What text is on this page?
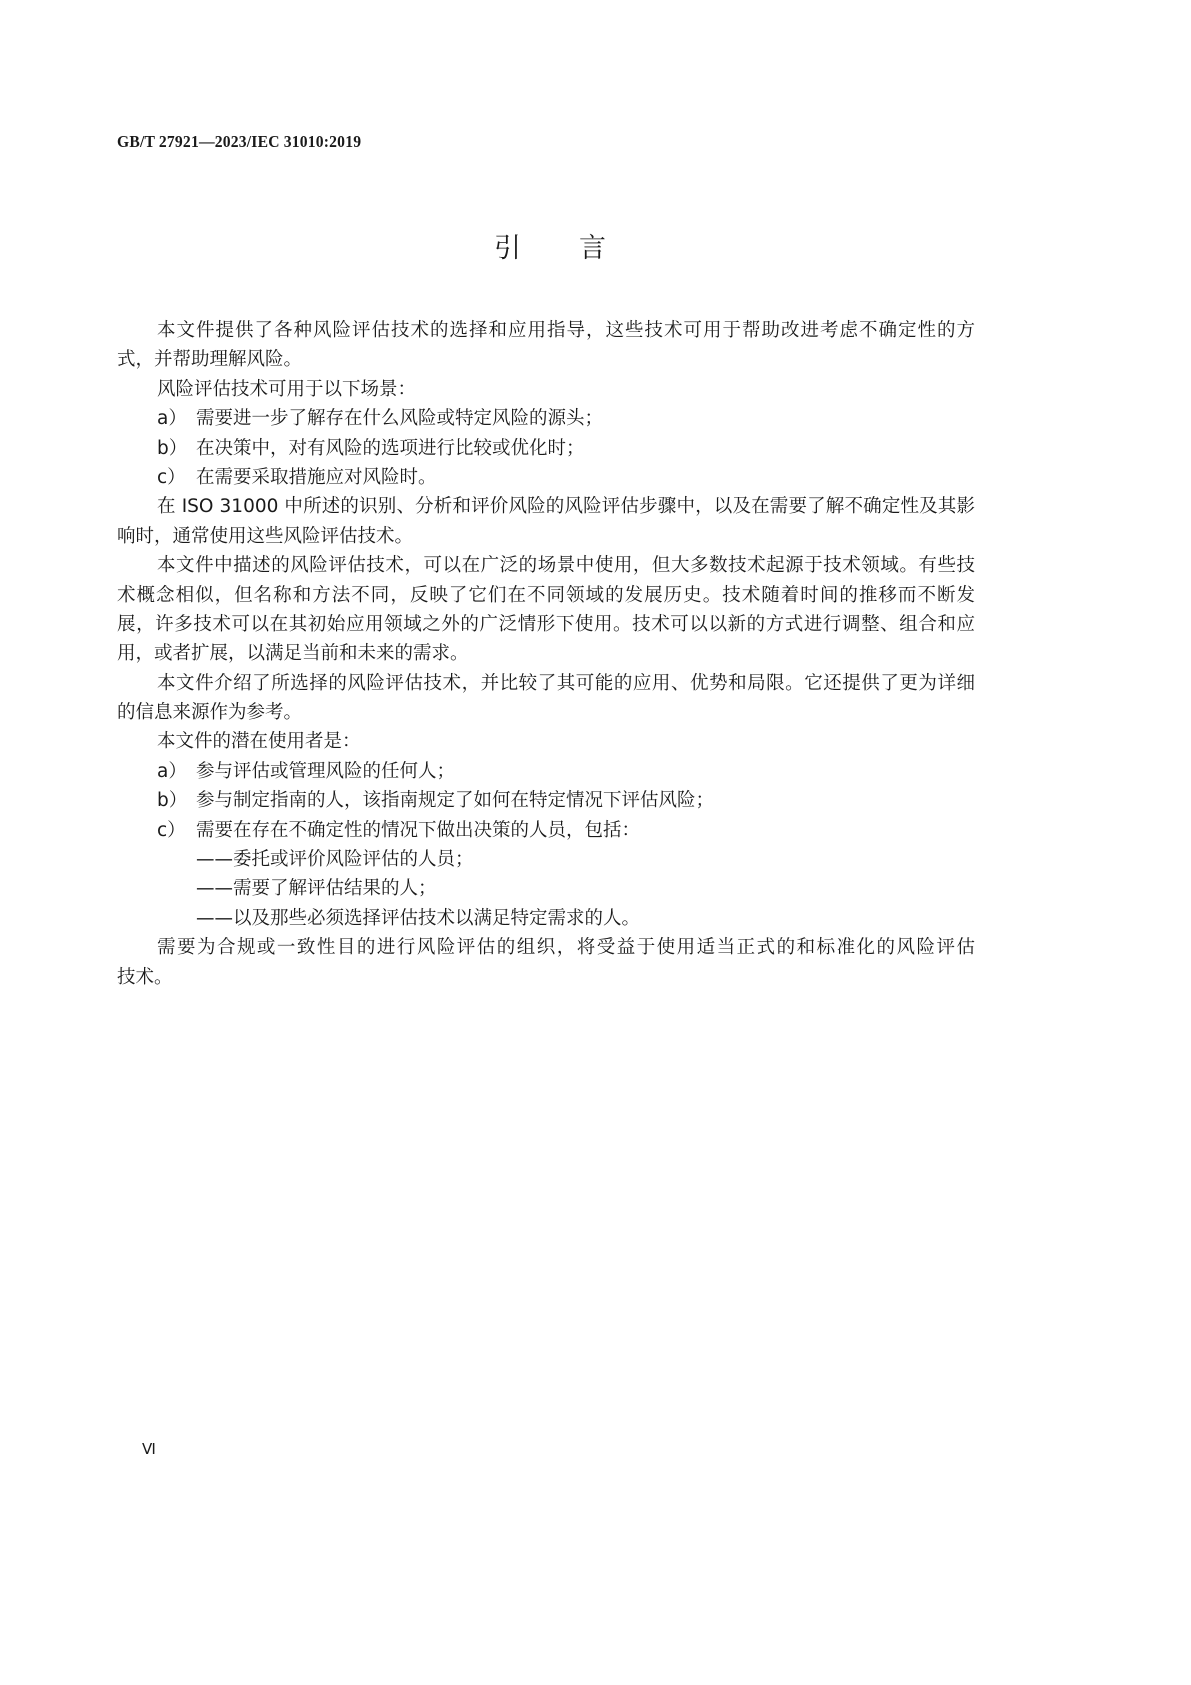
GB/T 27921—2023/IEC 31010:2019
引 言
本文件提供了各种风险评估技术的选择和应用指导，这些技术可用于帮助改进考虑不确定性的方
式，并帮助理解风险。
风险评估技术可用于以下场景：
a） 需要进一步了解存在什么风险或特定风险的源头；
b） 在决策中，对有风险的选项进行比较或优化时；
c） 在需要采取措施应对风险时。
在 ISO 31000 中所述的识别、分析和评价风险的风险评估步骤中，以及在需要了解不确定性及其影
响时，通常使用这些风险评估技术。
本文件中描述的风险评估技术，可以在广泛的场景中使用，但大多数技术起源于技术领域。有些技
术概念相似，但名称和方法不同，反映了它们在不同领域的发展历史。技术随着时间的推移而不断发
展，许多技术可以在其初始应用领域之外的广泛情形下使用。技术可以以新的方式进行调整、组合和应
用，或者扩展，以满足当前和未来的需求。
本文件介绍了所选择的风险评估技术，并比较了其可能的应用、优势和局限。它还提供了更为详细
的信息来源作为参考。
本文件的潜在使用者是：
a） 参与评估或管理风险的任何人；
b） 参与制定指南的人，该指南规定了如何在特定情况下评估风险；
c） 需要在存在不确定性的情况下做出决策的人员，包括：
——委托或评价风险评估的人员；
——需要了解评估结果的人；
——以及那些必须选择评估技术以满足特定需求的人。
需要为合规或一致性目的进行风险评估的组织，将受益于使用适当正式的和标准化的风险评估
技术。
Ⅵ
